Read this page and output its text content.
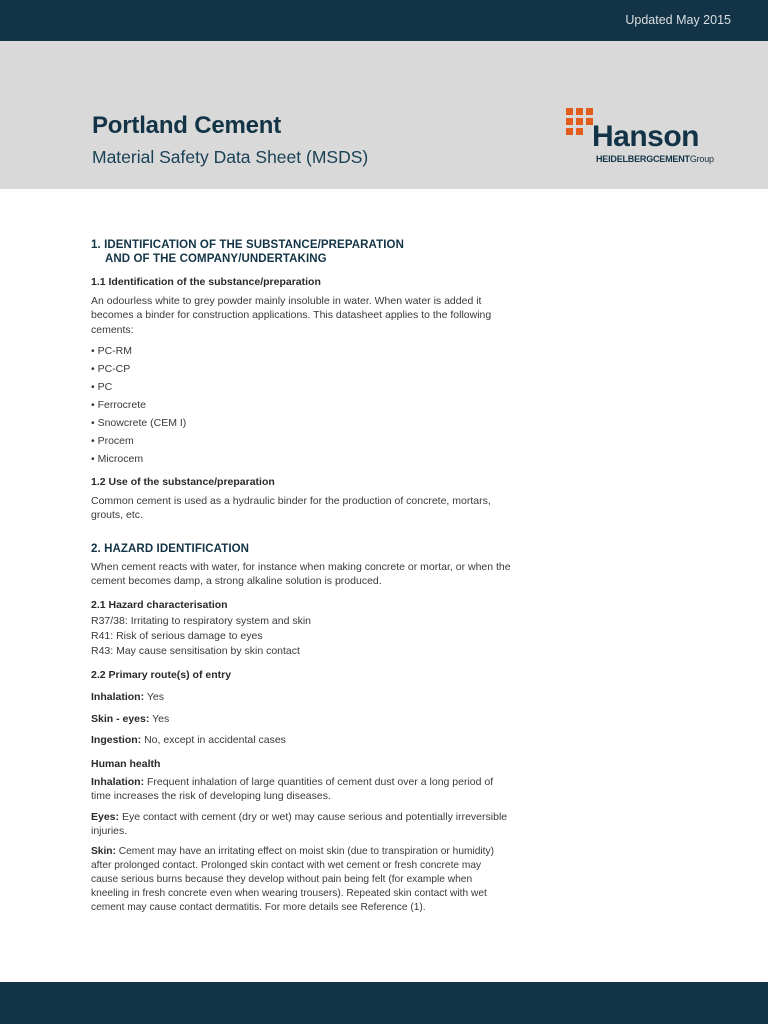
Updated May 2015
Portland Cement
Material Safety Data Sheet (MSDS)
Hanson
HEIDELBERGCEMENTGroup
1. IDENTIFICATION OF THE SUBSTANCE/PREPARATION
AND OF THE COMPANY/UNDERTAKING
1.1 Identification of the substance/preparation

An odourless white to grey powder mainly insoluble in water. When water is added it becomes a binder for construction applications. This datasheet applies to the following cements:

• PC-RM
• PC-CP
• PC
• Ferrocrete
• Snowcrete (CEM I)
• Procem
• Microcem
1.2 Use of the substance/preparation

Common cement is used as a hydraulic binder for the production of concrete, mortars, grouts, etc.

2. HAZARD IDENTIFICATION

When cement reacts with water, for instance when making concrete or mortar, or when the cement becomes damp, a strong alkaline solution is produced.

2.1 Hazard characterisation
R37/38: Irritating to respiratory system and skin
R41: Risk of serious damage to eyes
R43: May cause sensitisation by skin contact
2.2 Primary route(s) of entry
Inhalation: Yes
Skin - eyes: Yes
Ingestion: No, except in accidental cases
Human health
Inhalation: Frequent inhalation of large quantities of cement dust over a long period of time increases the risk of developing lung diseases.
Eyes: Eye contact with cement (dry or wet) may cause serious and potentially irreversible injuries.
Skin: Cement may have an irritating effect on moist skin (due to transpiration or humidity) after prolonged contact. Prolonged skin contact with wet cement or fresh concrete may cause serious burns because they develop without pain being felt (for example when kneeling in fresh concrete even when wearing trousers). Repeated skin contact with wet cement may cause contact dermatitis. For more details see Reference (1).
